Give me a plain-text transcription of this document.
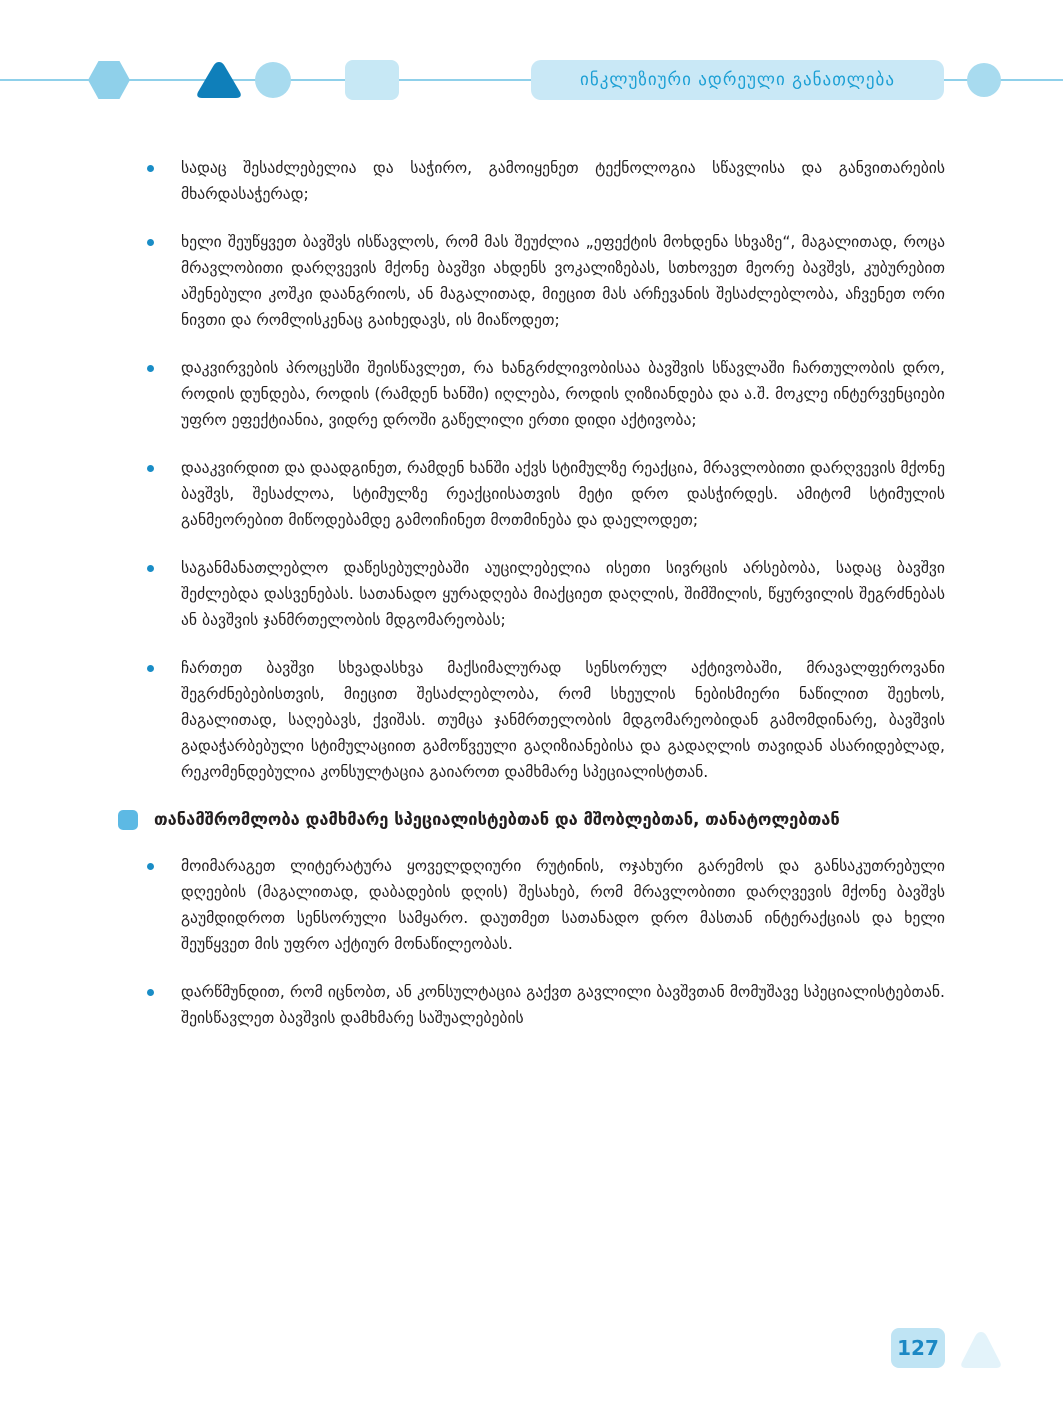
ინკლუზიური ადრეული განათლება
სადაც შესაძლებელია და საჭირო, გამოიყენეთ ტექნოლოგია სწავლისა და განვითარების მხარდასაჭერად;
ხელი შეუწყვეთ ბავშვს ისწავლოს, რომ მას შეუძლია „ეფექტის მოხდენა სხვაზე“, მაგალითად, როცა მრავლობითი დარღვევის მქონე ბავშვი ახდენს ვოკალიზებას, სთხოვეთ მეორე ბავშვს, კუბურებით აშენებული კოშკი დაანგრიოს, ან მაგალითად, მიეცით მას არჩევანის შესაძლებლობა, აჩვენეთ ორი ნივთი და რომლისკენაც გაიხედავს, ის მიაწოდეთ;
დაკვირვების პროცესში შეისწავლეთ, რა ხანგრძლივობისაა ბავშვის სწავლაში ჩართულობის დრო, როდის დუნდება, როდის (რამდენ ხანში) იღლება, როდის ღიზიანდება და ა.შ. მოკლე ინტერვენციები უფრო ეფექტიანია, ვიდრე დროში გაწელილი ერთი დიდი აქტივობა;
დააკვირდით და დაადგინეთ, რამდენ ხანში აქვს სტიმულზე რეაქცია, მრავლობითი დარღვევის მქონე ბავშვს, შესაძლოა, სტიმულზე რეაქციისათვის მეტი დრო დასჭირდეს. ამიტომ სტიმულის განმეორებით მიწოდებამდე გამოიჩინეთ მოთმინება და დაელოდეთ;
საგანმანათლებლო დაწესებულებაში აუცილებელია ისეთი სივრცის არსებობა, სადაც ბავშვი შეძლებდა დასვენებას. სათანადო ყურადღება მიაქციეთ დაღლის, შიმშილის, წყურვილის შეგრძნებას ან ბავშვის ჯანმრთელობის მდგომარეობას;
ჩართეთ ბავშვი სხვადასხვა მაქსიმალურად სენსორულ აქტივობაში, მრავალფეროვანი შეგრძნებებისთვის, მიეცით შესაძლებლობა, რომ სხეულის ნებისმიერი ნაწილით შეეხოს, მაგალითად, საღებავს, ქვიშას. თუმცა ჯანმრთელობის მდგომარეობიდან გამომდინარე, ბავშვის გადაჭარბებული სტიმულაციით გამოწვეული გაღიზიანებისა და გადაღლის თავიდან ასარიდებლად, რეკომენდებულია კონსულტაცია გაიაროთ დამხმარე სპეციალისტთან.
თანამშრომლობა დამხმარე სპეციალისტებთან და მშობლებთან, თანატოლებთან
მოიმარაგეთ ლიტერატურა ყოველდღიური რუტინის, ოჯახური გარემოს და განსაკუთრებული დღეების (მაგალითად, დაბადების დღის) შესახებ, რომ მრავლობითი დარღვევის მქონე ბავშვს გაუმდიდროთ სენსორული სამყარო. დაუთმეთ სათანადო დრო მასთან ინტერაქციას და ხელი შეუწყვეთ მის უფრო აქტიურ მონაწილეობას.
დარწმუნდით, რომ იცნობთ, ან კონსულტაცია გაქვთ გავლილი ბავშვთან მომუშავე სპეციალისტებთან. შეისწავლეთ ბავშვის დამხმარე საშუალებების
127
